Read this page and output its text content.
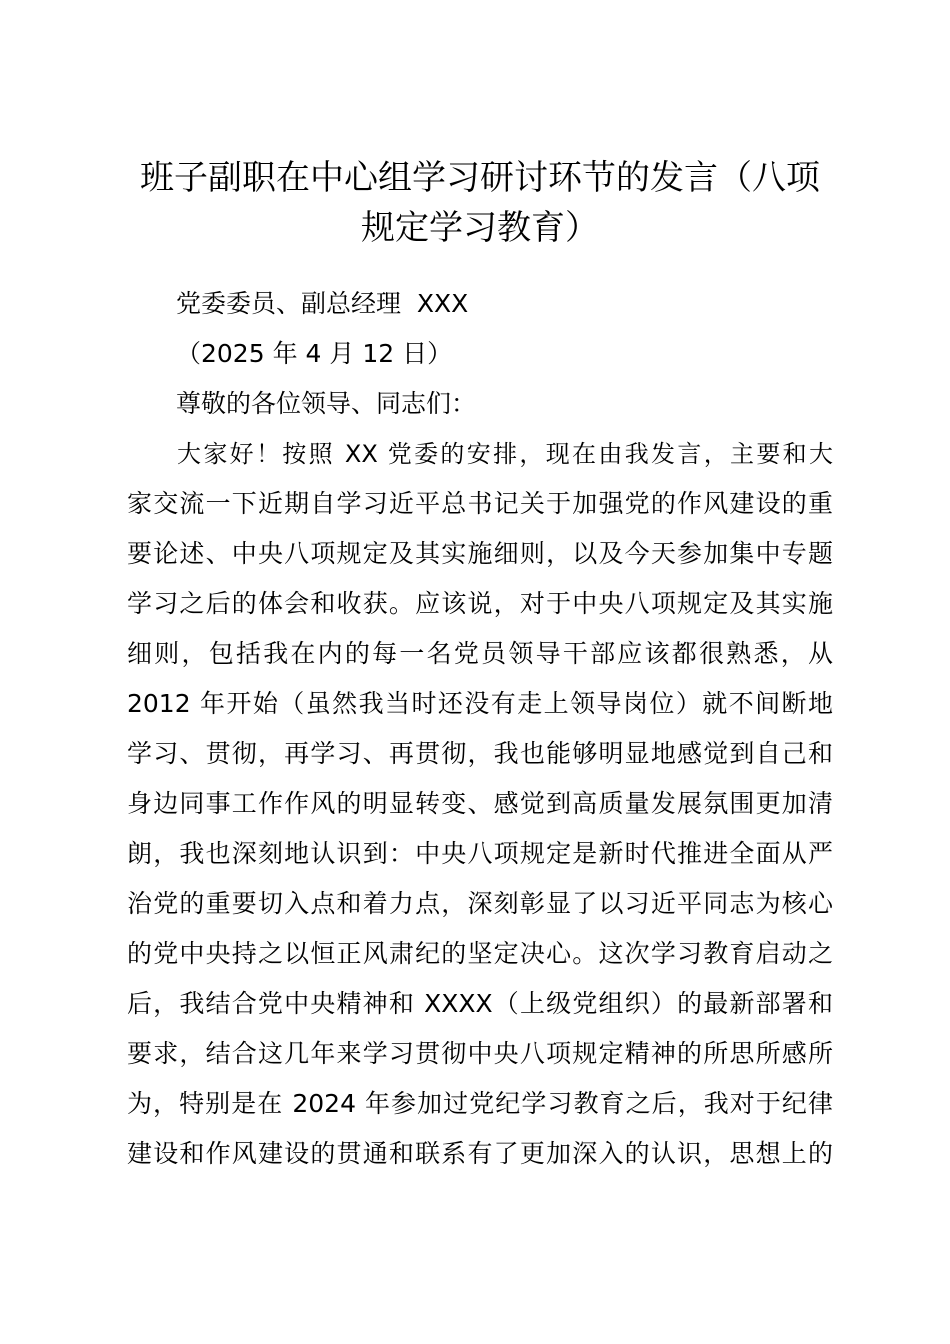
班子副职在中心组学习研讨环节的发言（八项
规定学习教育）
党委委员、副总经理  XXX
（2025 年 4 月 12 日）
尊敬的各位领导、同志们：
大家好！按照 XX 党委的安排，现在由我发言，主要和大
家交流一下近期自学习近平总书记关于加强党的作风建设的重
要论述、中央八项规定及其实施细则，以及今天参加集中专题
学习之后的体会和收获。应该说，对于中央八项规定及其实施
细则，包括我在内的每一名党员领导干部应该都很熟悉，从
2012 年开始（虽然我当时还没有走上领导岗位）就不间断地
学习、贯彻，再学习、再贯彻，我也能够明显地感觉到自己和
身边同事工作作风的明显转变、感觉到高质量发展氛围更加清
朗，我也深刻地认识到：中央八项规定是新时代推进全面从严
治党的重要切入点和着力点，深刻彰显了以习近平同志为核心
的党中央持之以恒正风肃纪的坚定决心。这次学习教育启动之
后，我结合党中央精神和 XXXX（上级党组织）的最新部署和
要求，结合这几年来学习贯彻中央八项规定精神的所思所感所
为，特别是在 2024 年参加过党纪学习教育之后，我对于纪律
建设和作风建设的贯通和联系有了更加深入的认识，思想上的
